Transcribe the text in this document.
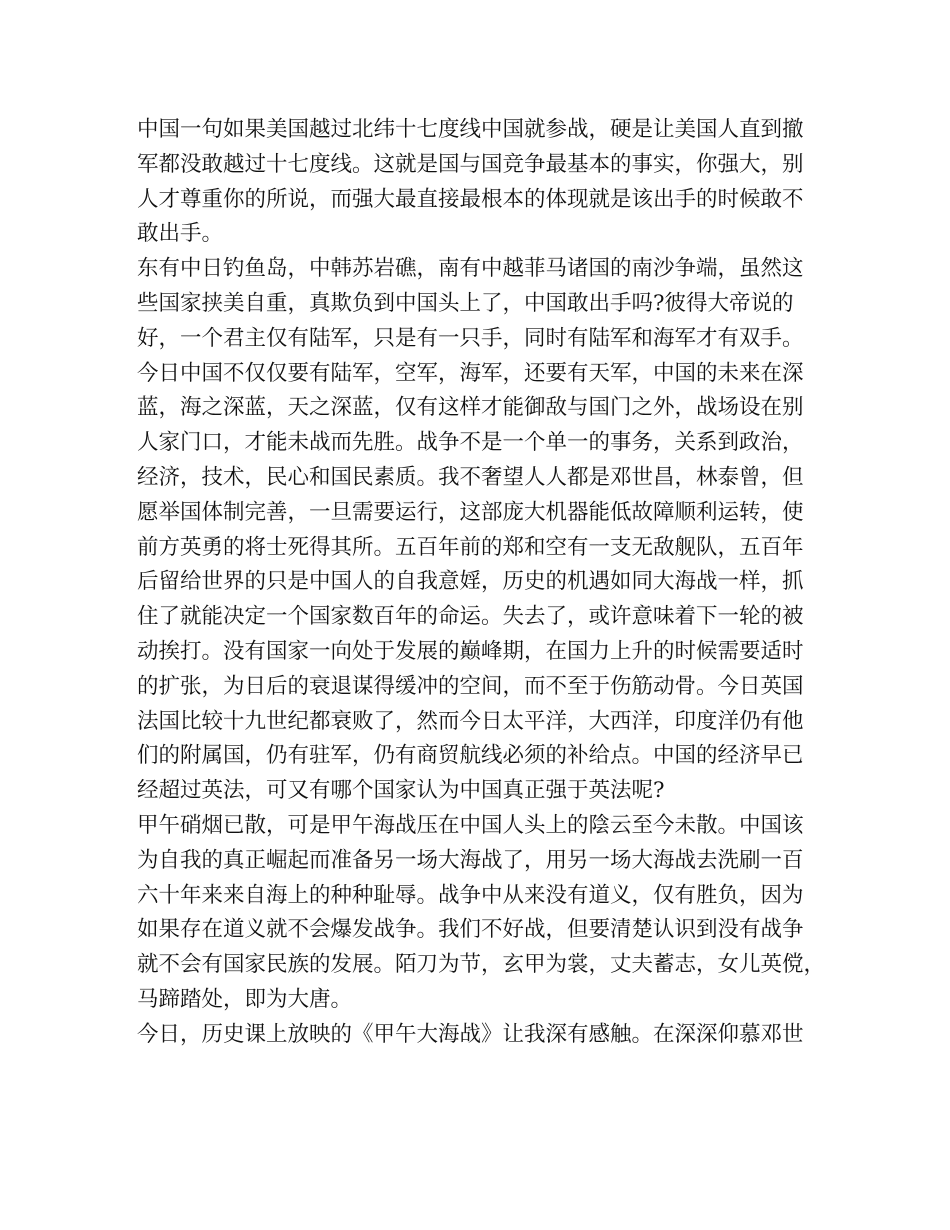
中国一句如果美国越过北纬十七度线中国就参战，硬是让美国人直到撤
军都没敢越过十七度线。这就是国与国竞争最基本的事实，你强大，别
人才尊重你的所说，而强大最直接最根本的体现就是该出手的时候敢不
敢出手。
东有中日钓鱼岛，中韩苏岩礁，南有中越菲马诸国的南沙争端，虽然这
些国家挟美自重，真欺负到中国头上了，中国敢出手吗?彼得大帝说的
好，一个君主仅有陆军，只是有一只手，同时有陆军和海军才有双手。
今日中国不仅仅要有陆军，空军，海军，还要有天军，中国的未来在深
蓝，海之深蓝，天之深蓝，仅有这样才能御敌与国门之外，战场设在别
人家门口，才能未战而先胜。战争不是一个单一的事务，关系到政治，
经济，技术，民心和国民素质。我不奢望人人都是邓世昌，林泰曾，但
愿举国体制完善，一旦需要运行，这部庞大机器能低故障顺利运转，使
前方英勇的将士死得其所。五百年前的郑和空有一支无敌舰队，五百年
后留给世界的只是中国人的自我意婬，历史的机遇如同大海战一样，抓
住了就能决定一个国家数百年的命运。失去了，或许意味着下一轮的被
动挨打。没有国家一向处于发展的巅峰期，在国力上升的时候需要适时
的扩张，为日后的衰退谋得缓冲的空间，而不至于伤筋动骨。今日英国
法国比较十九世纪都衰败了，然而今日太平洋，大西洋，印度洋仍有他
们的附属国，仍有驻军，仍有商贸航线必须的补给点。中国的经济早已
经超过英法，可又有哪个国家认为中国真正强于英法呢?
甲午硝烟已散，可是甲午海战压在中国人头上的陰云至今未散。中国该
为自我的真正崛起而准备另一场大海战了，用另一场大海战去洗刷一百
六十年来来自海上的种种耻辱。战争中从来没有道义，仅有胜负，因为
如果存在道义就不会爆发战争。我们不好战，但要清楚认识到没有战争
就不会有国家民族的发展。陌刀为节，玄甲为裳，丈夫蓄志，女儿英傥，
马蹄踏处，即为大唐。
今日，历史课上放映的《甲午大海战》让我深有感触。在深深仰慕邓世
